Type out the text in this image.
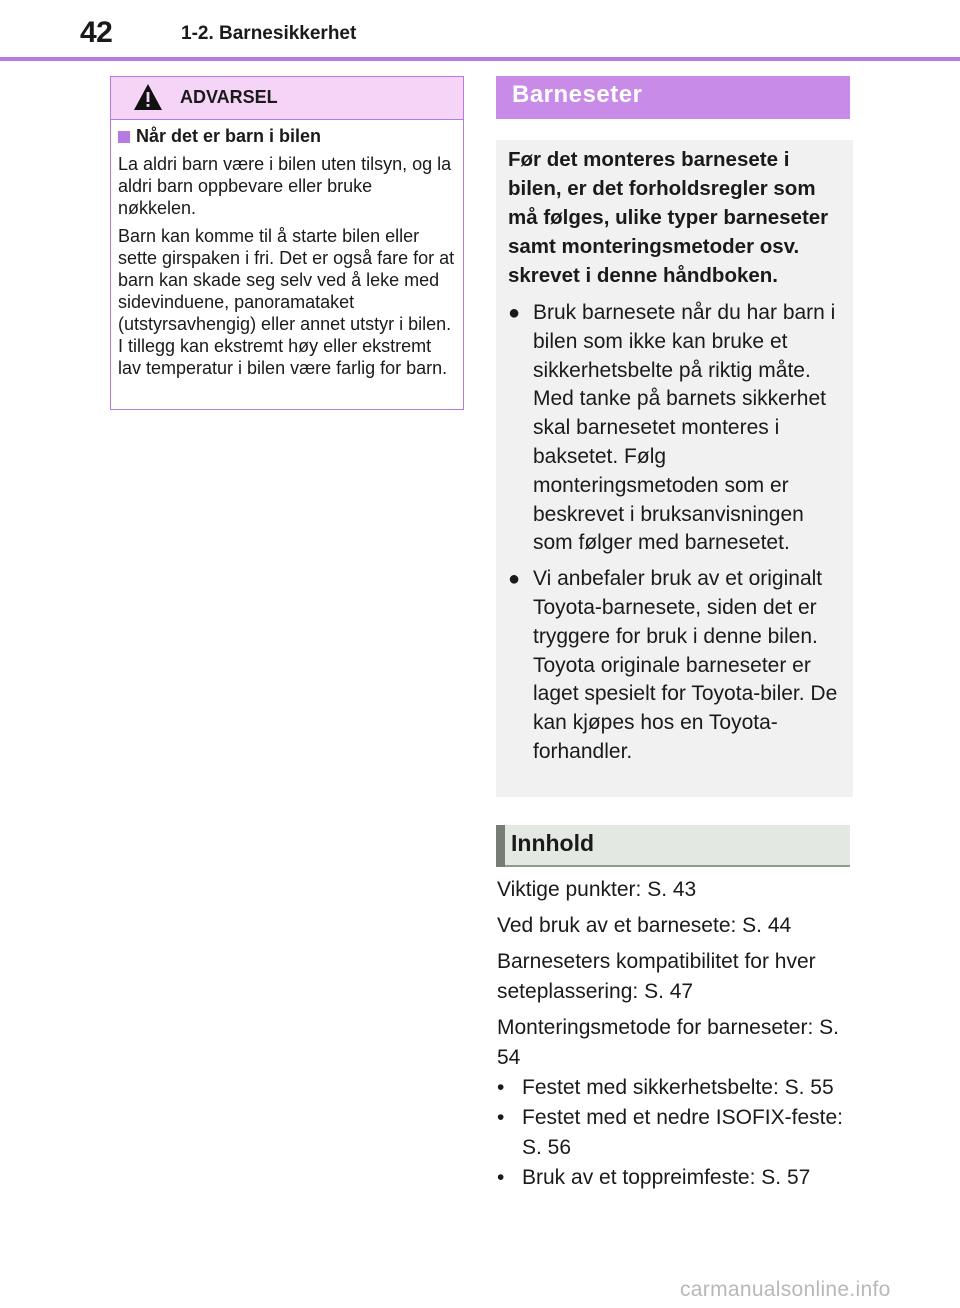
42	1-2. Barnesikkerhet
ADVARSEL
Når det er barn i bilen

La aldri barn være i bilen uten tilsyn, og la aldri barn oppbevare eller bruke nøkkelen.

Barn kan komme til å starte bilen eller sette girspaken i fri. Det er også fare for at barn kan skade seg selv ved å leke med sidevinduene, panoramataket (utstyrsavhengig) eller annet utstyr i bilen. I tillegg kan ekstremt høy eller ekstremt lav temperatur i bilen være farlig for barn.

Barneseter

Før det monteres barnesete i bilen, er det forholdsregler som må følges, ulike typer barneseter samt monteringsmetoder osv. skrevet i denne håndboken.

● Bruk barnesete når du har barn i bilen som ikke kan bruke et sikkerhetsbelte på riktig måte. Med tanke på barnets sikkerhet skal barnesetet monteres i baksetet. Følg monteringsmetoden som er beskrevet i bruksanvisningen som følger med barnesetet.
● Vi anbefaler bruk av et originalt Toyota-barnesete, siden det er tryggere for bruk i denne bilen. Toyota originale barneseter er laget spesielt for Toyota-biler. De kan kjøpes hos en Toyota-forhandler.
Innhold

Viktige punkter: S. 43

Ved bruk av et barnesete: S. 44

Barneseters kompatibilitet for hver seteplassering: S. 47

Monteringsmetode for barneseter: S. 54

• Festet med sikkerhetsbelte: S. 55
• Festet med et nedre ISOFIX-feste: S. 56
• Bruk av et toppreimfeste: S. 57
carmanualsonline.info
